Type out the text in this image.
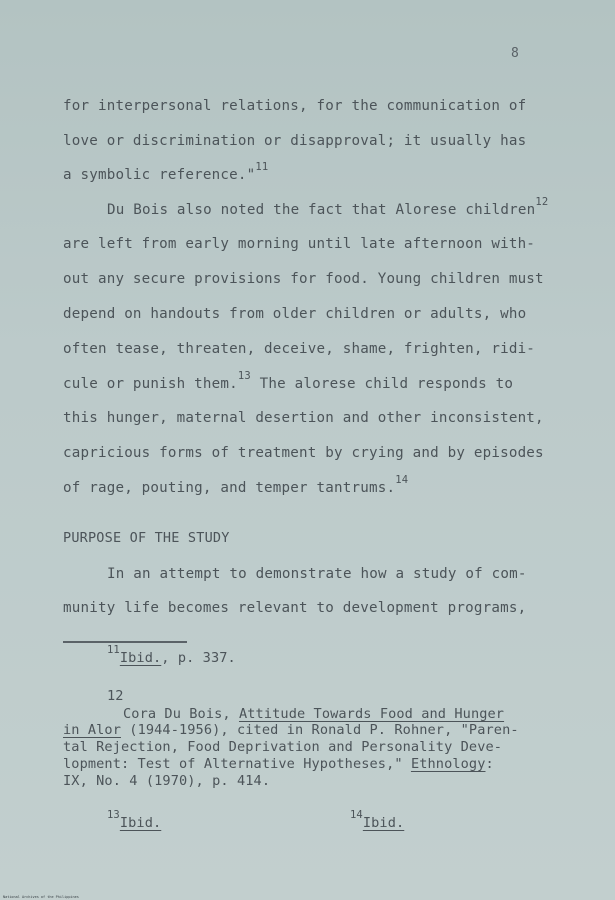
8
for interpersonal relations, for the communication of
love or discrimination or disapproval; it usually has
a symbolic reference."$^{11}$
Du Bois also noted the fact that Alorese children$^{12}$
are left from early morning until late afternoon with-
out any secure provisions for food. Young children must
depend on handouts from older children or adults, who
often tease, threaten, deceive, shame, frighten, ridi-
cule or punish them.$^{13}$ The alorese child responds to
this hunger, maternal desertion and other inconsistent,
capricious forms of treatment by crying and by episodes
of rage, pouting, and temper tantrums.$^{14}$
PURPOSE OF THE STUDY
In an attempt to demonstrate how a study of com-
munity life becomes relevant to development programs,
$^{11}$Ibid., p. 337.
12
Cora Du Bois, Attitude Towards Food and Hunger
in Alor (1944-1956), cited in Ronald P. Rohner, "Paren-
tal Rejection, Food Deprivation and Personality Deve-
lopment: Test of Alternative Hypotheses," Ethnology:
IX, No. 4 (1970), p. 414.
$^{13}$Ibid.	$^{14}$Ibid.
National Archives of the Philippines
